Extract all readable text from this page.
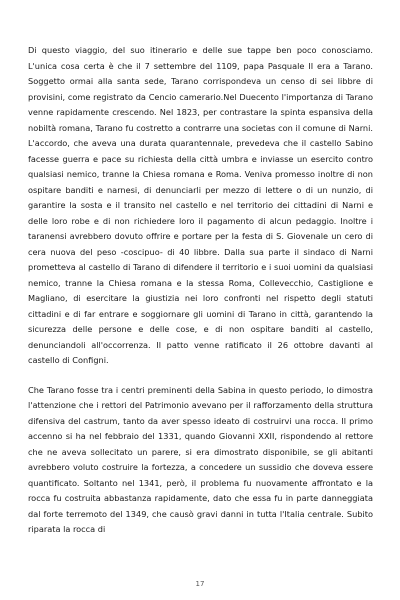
Di questo viaggio, del suo itinerario e delle sue tappe ben poco conosciamo. L'unica cosa certa è che il 7 settembre del 1109, papa Pasquale II era a Tarano. Soggetto ormai alla santa sede, Tarano corrispondeva un censo di sei libbre di provisini, come registrato da Cencio camerario.Nel Duecento l'importanza di Tarano venne rapidamente crescendo. Nel 1823, per contrastare la spinta espansiva della nobiltà romana, Tarano fu costretto a contrarre una societas con il comune di Narni. L'accordo, che aveva una durata quarantennale, prevedeva che il castello Sabino facesse guerra e pace su richiesta della città umbra e inviasse un esercito contro qualsiasi nemico, tranne la Chiesa romana e Roma. Veniva promesso inoltre di non ospitare banditi e narnesi, di denunciarli per mezzo di lettere o di un nunzio, di garantire la sosta e il transito nel castello e nel territorio dei cittadini di Narni e delle loro robe e di non richiedere loro il pagamento di alcun pedaggio. Inoltre i taranensi avrebbero dovuto offrire e portare per la festa di S. Giovenale un cero di cera nuova del peso -coscipuo- di 40 libbre. Dalla sua parte il sindaco di Narni prometteva al castello di Tarano di difendere il territorio e i suoi uomini da qualsiasi nemico, tranne la Chiesa romana e la stessa Roma, Collevecchio, Castiglione e Magliano, di esercitare la giustizia nei loro confronti nel rispetto degli statuti cittadini e di far entrare e soggiornare gli uomini di Tarano in città, garantendo la sicurezza delle persone e delle cose, e di non ospitare banditi al castello, denunciandoli all'occorrenza. Il patto venne ratificato il 26 ottobre davanti al castello di Configni.

Che Tarano fosse tra i centri preminenti della Sabina in questo periodo, lo dimostra l'attenzione che i rettori del Patrimonio avevano per il rafforzamento della struttura difensiva del castrum, tanto da aver spesso ideato di costruirvi una rocca. Il primo accenno si ha nel febbraio del 1331, quando Giovanni XXII, rispondendo al rettore che ne aveva sollecitato un parere, si era dimostrato disponibile, se gli abitanti avrebbero voluto costruire la fortezza, a concedere un sussidio che doveva essere quantificato. Soltanto nel 1341, però, il problema fu nuovamente affrontato e la rocca fu costruita abbastanza rapidamente, dato che essa fu in parte danneggiata dal forte terremoto del 1349, che causò gravi danni in tutta l'Italia centrale. Subito riparata la rocca di

17
